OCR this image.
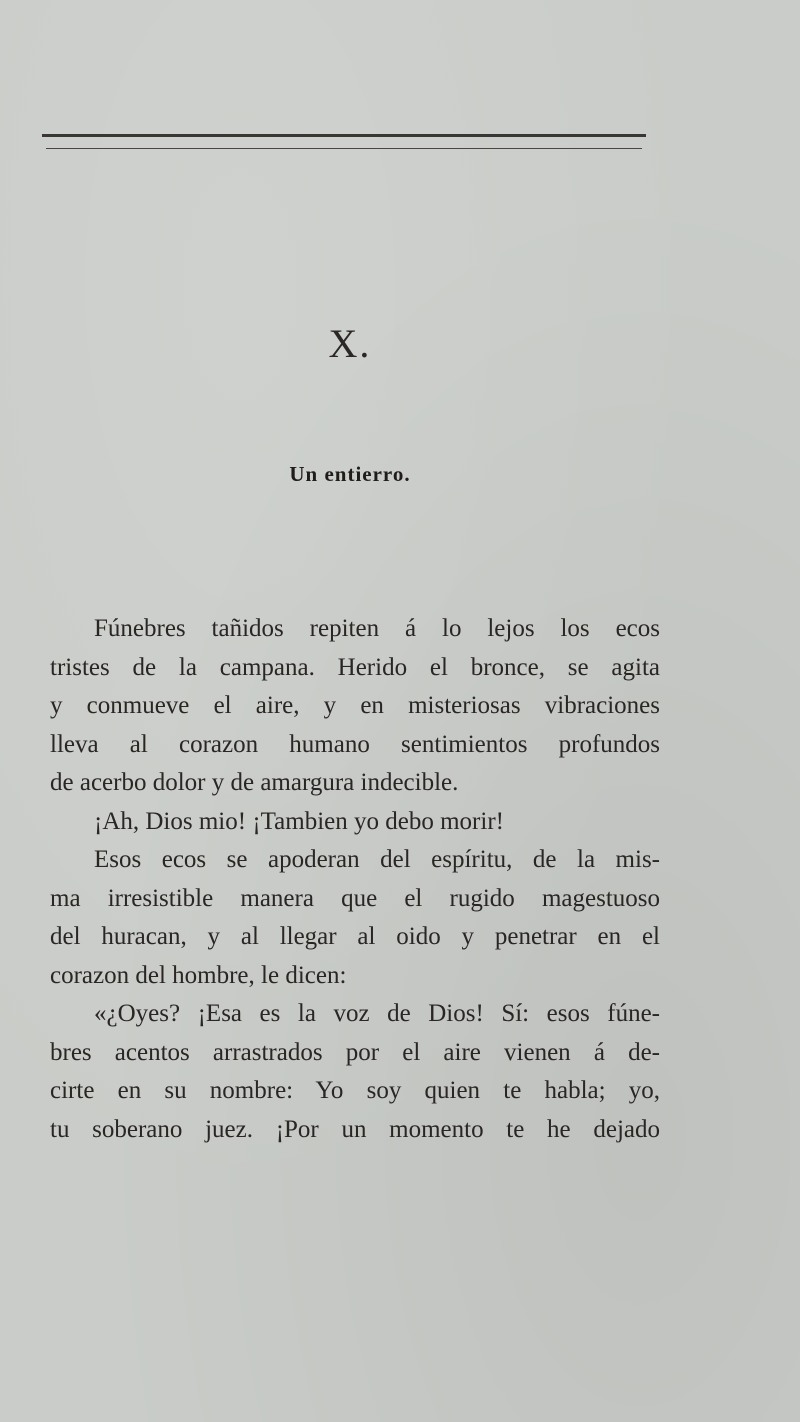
X.
Un entierro.
Fúnebres tañidos repiten á lo lejos los ecos
tristes de la campana. Herido el bronce, se agita
y conmueve el aire, y en misteriosas vibraciones
lleva al corazon humano sentimientos profundos
de acerbo dolor y de amargura indecible.
¡Ah, Dios mio! ¡Tambien yo debo morir!
Esos ecos se apoderan del espíritu, de la mis-
ma irresistible manera que el rugido magestuoso
del huracan, y al llegar al oido y penetrar en el
corazon del hombre, le dicen:
«¿Oyes? ¡Esa es la voz de Dios! Sí: esos fúne-
bres acentos arrastrados por el aire vienen á de-
cirte en su nombre: Yo soy quien te habla; yo,
tu soberano juez. ¡Por un momento te he dejado
